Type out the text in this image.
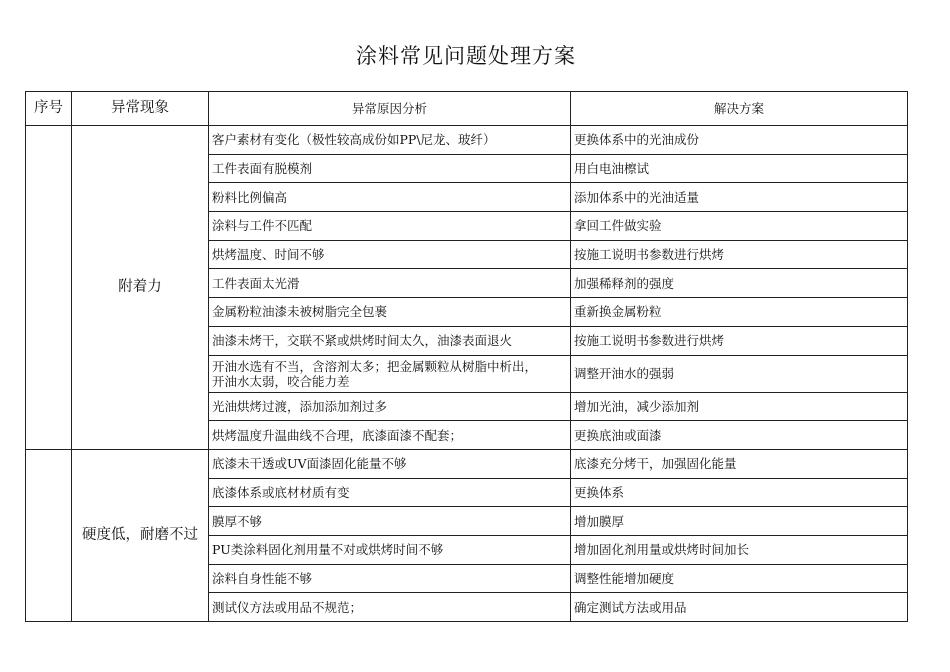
涂料常见问题处理方案
序号	异常现象	异常原因分析	解决方案
	附着力	客户素材有变化（极性较高成份如PP\尼龙、玻纤）	更换体系中的光油成份
		工件表面有脱模剂	用白电油檫试
		粉料比例偏高	添加体系中的光油适量
		涂料与工件不匹配	拿回工件做实验
		烘烤温度、时间不够	按施工说明书参数进行烘烤
		工件表面太光滑	加强稀释剂的强度
		金属粉粒油漆未被树脂完全包裹	重新换金属粉粒
		油漆未烤干，交联不紧或烘烤时间太久，油漆表面退火	按施工说明书参数进行烘烤
		开油水选有不当，含溶剂太多；把金属颗粒从树脂中析出，
开油水太弱，咬合能力差	调整开油水的强弱
		光油烘烤过渡，添加添加剂过多	增加光油，减少添加剂
		烘烤温度升温曲线不合理，底漆面漆不配套；	更换底油或面漆
	硬度低，耐磨不过	底漆未干透或UV面漆固化能量不够	底漆充分烤干，加强固化能量
		底漆体系或底材材质有变	更换体系
		膜厚不够	增加膜厚
		PU类涂料固化剂用量不对或烘烤时间不够	增加固化剂用量或烘烤时间加长
		涂料自身性能不够	调整性能增加硬度
		测试仪方法或用品不规范；	确定测试方法或用品
